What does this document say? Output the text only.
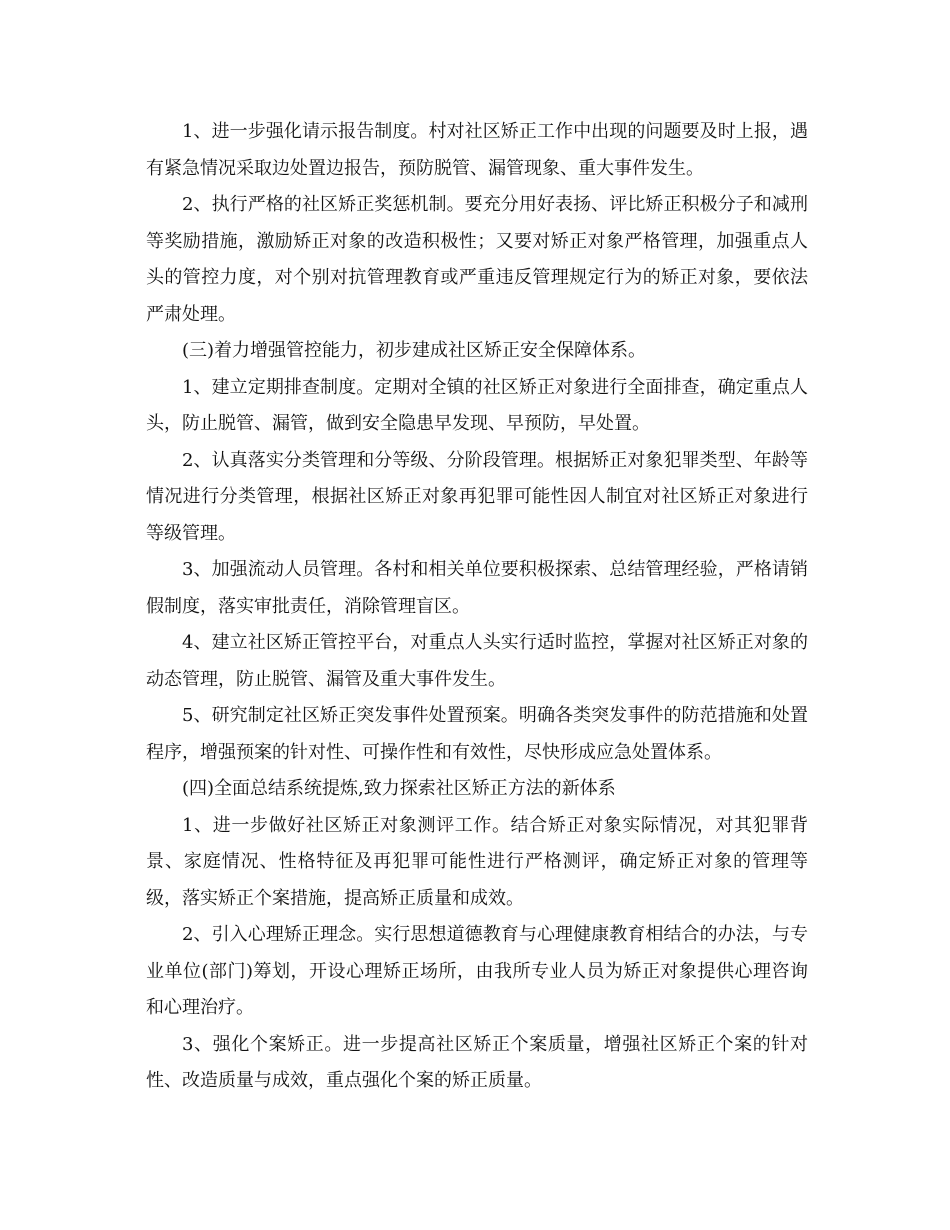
1、进一步强化请示报告制度。村对社区矫正工作中出现的问题要及时上报，遇有紧急情况采取边处置边报告，预防脱管、漏管现象、重大事件发生。

2、执行严格的社区矫正奖惩机制。要充分用好表扬、评比矫正积极分子和减刑等奖励措施，激励矫正对象的改造积极性；又要对矫正对象严格管理，加强重点人头的管控力度，对个别对抗管理教育或严重违反管理规定行为的矫正对象，要依法严肃处理。

(三)着力增强管控能力，初步建成社区矫正安全保障体系。

1、建立定期排查制度。定期对全镇的社区矫正对象进行全面排查，确定重点人头，防止脱管、漏管，做到安全隐患早发现、早预防，早处置。

2、认真落实分类管理和分等级、分阶段管理。根据矫正对象犯罪类型、年龄等情况进行分类管理，根据社区矫正对象再犯罪可能性因人制宜对社区矫正对象进行等级管理。

3、加强流动人员管理。各村和相关单位要积极探索、总结管理经验，严格请销假制度，落实审批责任，消除管理盲区。

4、建立社区矫正管控平台，对重点人头实行适时监控，掌握对社区矫正对象的动态管理，防止脱管、漏管及重大事件发生。

5、研究制定社区矫正突发事件处置预案。明确各类突发事件的防范措施和处置程序，增强预案的针对性、可操作性和有效性，尽快形成应急处置体系。

(四)全面总结系统提炼,致力探索社区矫正方法的新体系

1、进一步做好社区矫正对象测评工作。结合矫正对象实际情况，对其犯罪背景、家庭情况、性格特征及再犯罪可能性进行严格测评，确定矫正对象的管理等级，落实矫正个案措施，提高矫正质量和成效。

2、引入心理矫正理念。实行思想道德教育与心理健康教育相结合的办法，与专业单位(部门)筹划，开设心理矫正场所，由我所专业人员为矫正对象提供心理咨询和心理治疗。

3、强化个案矫正。进一步提高社区矫正个案质量，增强社区矫正个案的针对性、改造质量与成效，重点强化个案的矫正质量。
